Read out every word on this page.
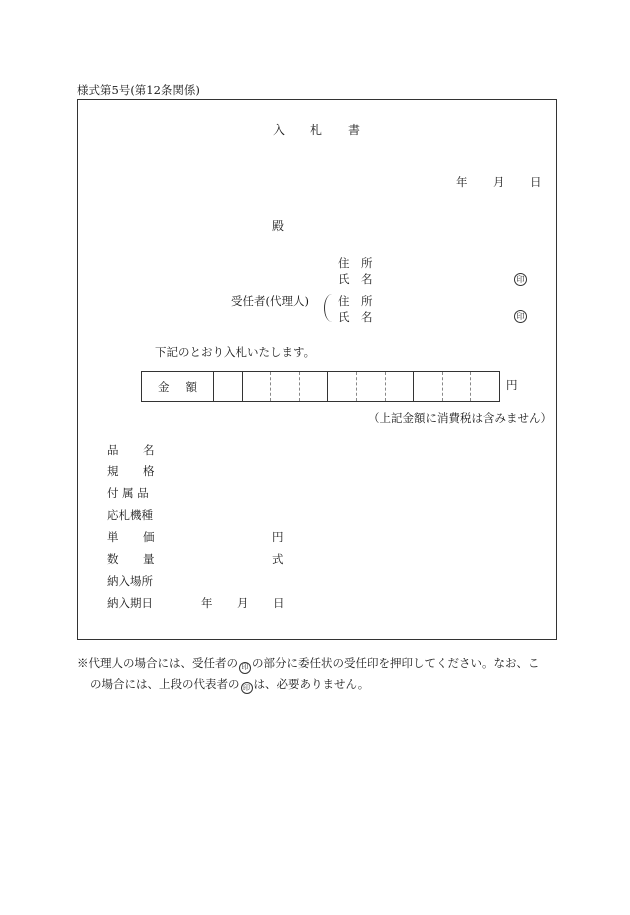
様式第5号(第12条関係)
入 札 書
年 月 日
殿
住　所
氏　名	印
受任者(代理人)	住　所
氏　名	印
下記のとおり入札いたします。
金 額	円
（上記金額に消費税は含みません）
品 名
規 格
付 属 品
応札機種
単 価	円
数 量	式
納入場所
納入期日	年 月 日
※代理人の場合には、受任者の 印 の部分に委任状の受任印を押印してください。なお、こ
の場合には、上段の代表者の 印 は、必要ありません。
